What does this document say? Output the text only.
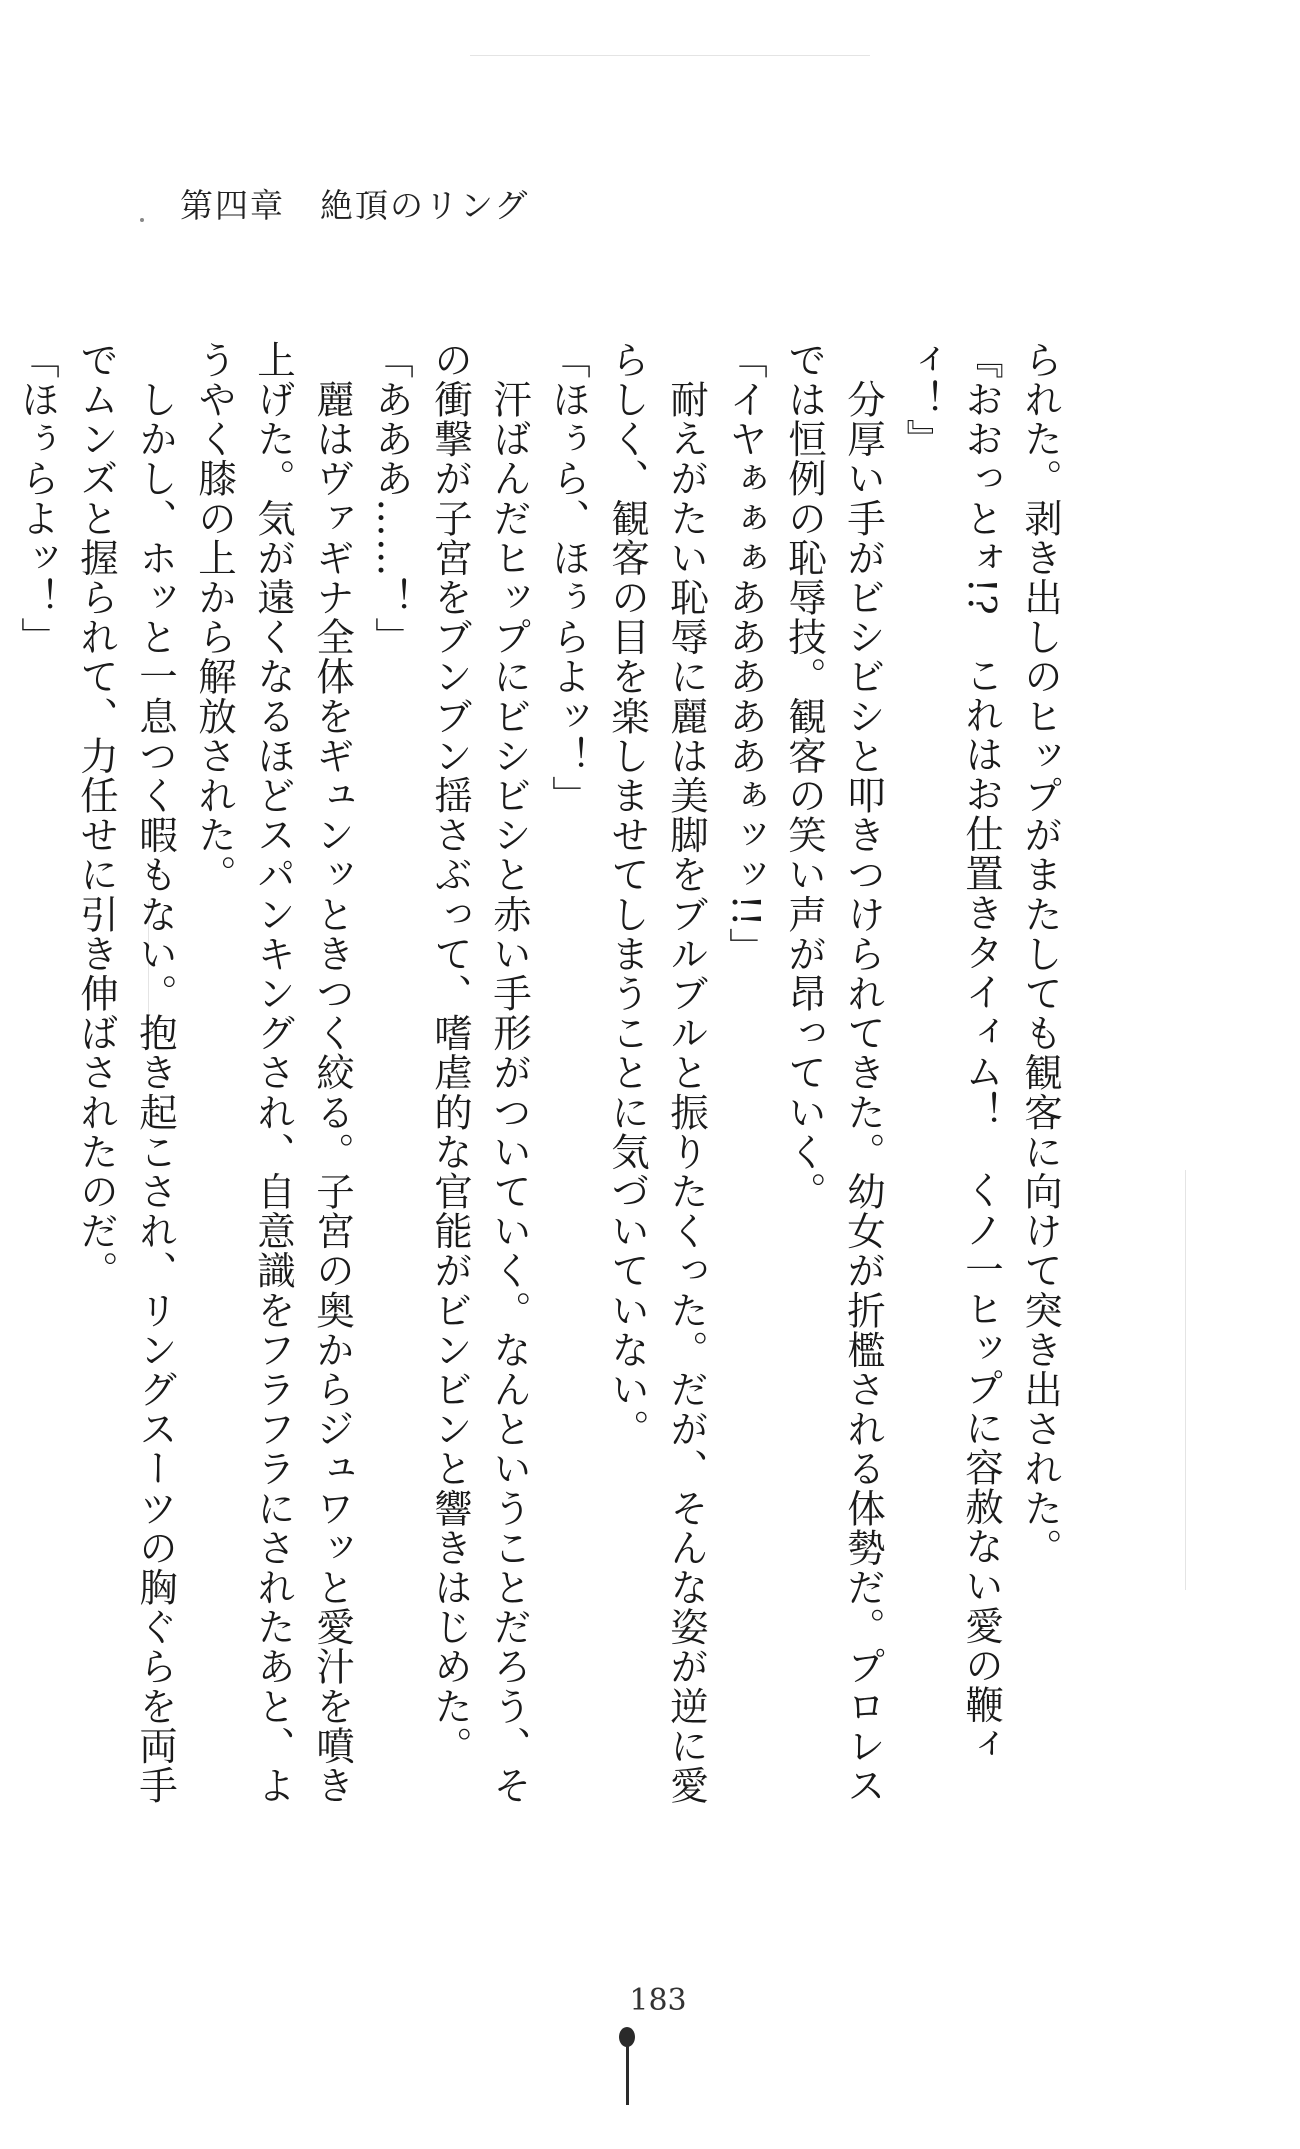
第四章　絶頂のリング

られた。剥き出しのヒップがまたしても観客に向けて突き出された。

『おおっとォ!?　これはお仕置きタイィム！　くノ一ヒップに容赦ない愛の鞭ィィ！』

　分厚い手がビシビシと叩きつけられてきた。幼女が折檻される体勢だ。プロレスでは恒例の恥辱技。観客の笑い声が昂っていく。

「イヤぁぁぁあああああぁッッ!!」

　耐えがたい恥辱に麗は美脚をブルブルと振りたくった。だが、そんな姿が逆に愛らしく、観客の目を楽しませてしまうことに気づいていない。

「ほぅら、ほぅらよッ！」

　汗ばんだヒップにビシビシと赤い手形がついていく。なんということだろう、その衝撃が子宮をブンブン揺さぶって、嗜虐的な官能がビンビンと響きはじめた。

「あああ……！」

　麗はヴァギナ全体をギュンッときつく絞る。子宮の奥からジュワッと愛汁を噴き上げた。気が遠くなるほどスパンキングされ、自意識をフラフラにされたあと、ようやく膝の上から解放された。

　しかし、ホッと一息つく暇もない。抱き起こされ、リングスーツの胸ぐらを両手でムンズと握られて、力任せに引き伸ばされたのだ。

「ほぅらよッ！」

183
